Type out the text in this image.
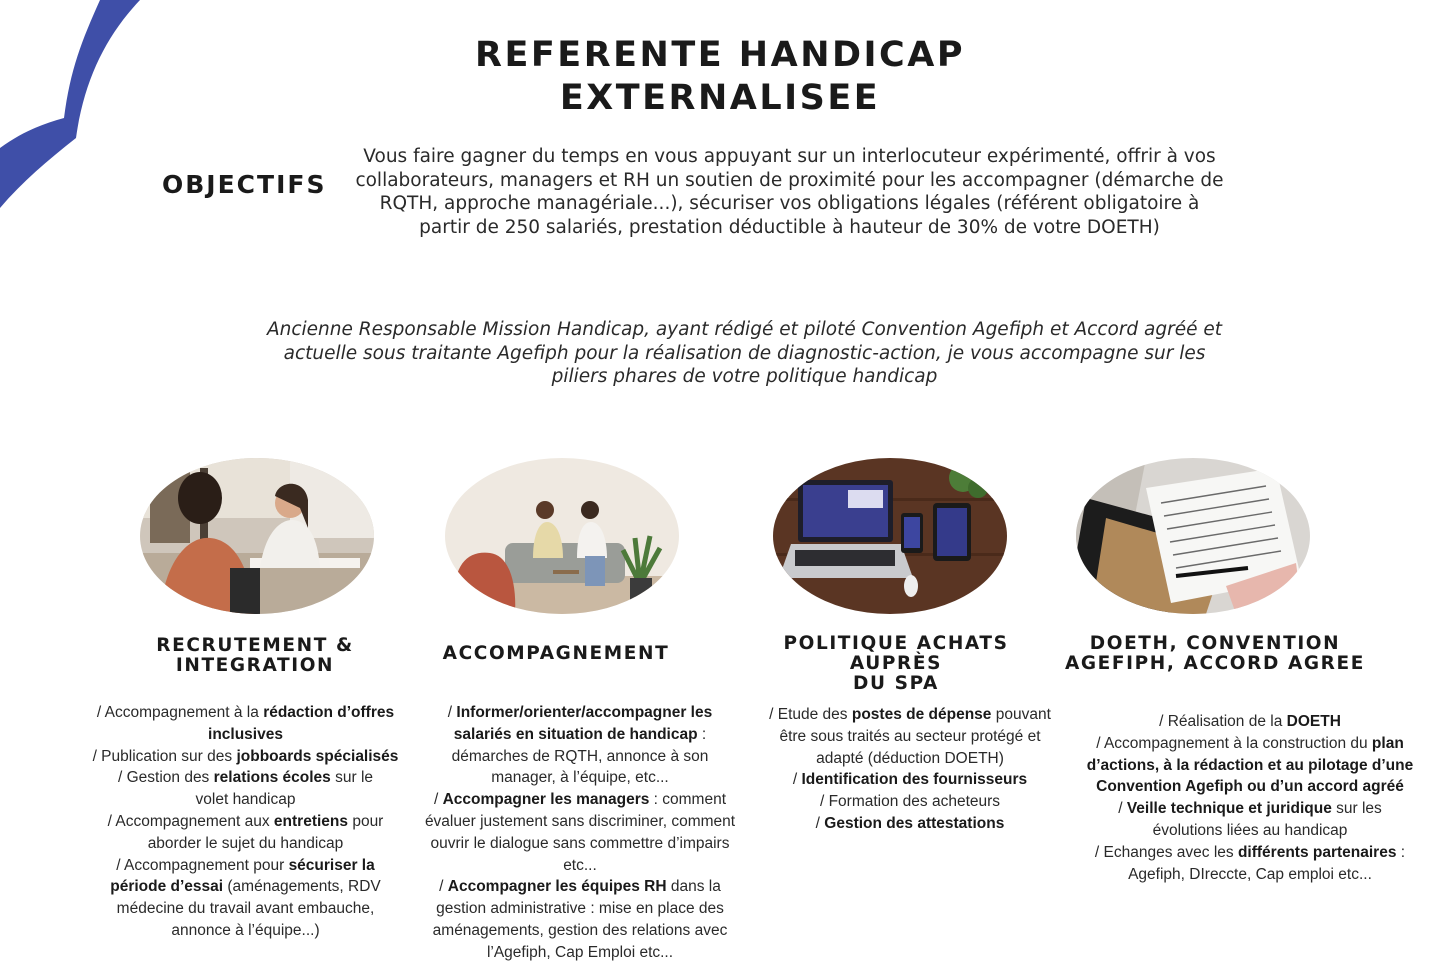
REFERENTE HANDICAP
EXTERNALISEE
OBJECTIFS

Vous faire gagner du temps en vous appuyant sur un interlocuteur expérimenté, offrir à vos collaborateurs, managers et RH un soutien de proximité pour les accompagner (démarche de RQTH, approche managériale...), sécuriser vos obligations légales (référent obligatoire à partir de 250 salariés, prestation déductible à hauteur de 30% de votre DOETH)

Ancienne Responsable Mission Handicap, ayant rédigé et piloté Convention Agefiph et Accord agréé et actuelle sous traitante Agefiph pour la réalisation de diagnostic-action, je vous accompagne sur les piliers phares de votre politique handicap

RECRUTEMENT &
INTEGRATION
/ Accompagnement à la rédaction d’offres inclusives
/ Publication sur des jobboards spécialisés
/ Gestion des relations écoles sur le volet handicap
/ Accompagnement aux entretiens pour aborder le sujet du handicap
/ Accompagnement pour sécuriser la période d’essai (aménagements, RDV médecine du travail avant embauche, annonce à l’équipe...)
ACCOMPAGNEMENT
/ Informer/orienter/accompagner les salariés en situation de handicap : démarches de RQTH, annonce à son manager, à l’équipe, etc...
/ Accompagner les managers : comment évaluer justement sans discriminer, comment ouvrir le dialogue sans commettre d’impairs etc...
/ Accompagner les équipes RH dans la gestion administrative : mise en place des aménagements, gestion des relations avec l’Agefiph, Cap Emploi etc...
POLITIQUE ACHATS AUPRÈS
DU SPA
/ Etude des postes de dépense pouvant être sous traités au secteur protégé et adapté (déduction DOETH)
/ Identification des fournisseurs
/ Formation des acheteurs
/ Gestion des attestations
DOETH, CONVENTION
AGEFIPH, ACCORD AGREE
/ Réalisation de la DOETH
/ Accompagnement à la construction du plan d’actions, à la rédaction et au pilotage d’une Convention Agefiph ou d’un accord agréé
/ Veille technique et juridique sur les évolutions liées au handicap
/ Echanges avec les différents partenaires : Agefiph, DIreccte, Cap emploi etc...
